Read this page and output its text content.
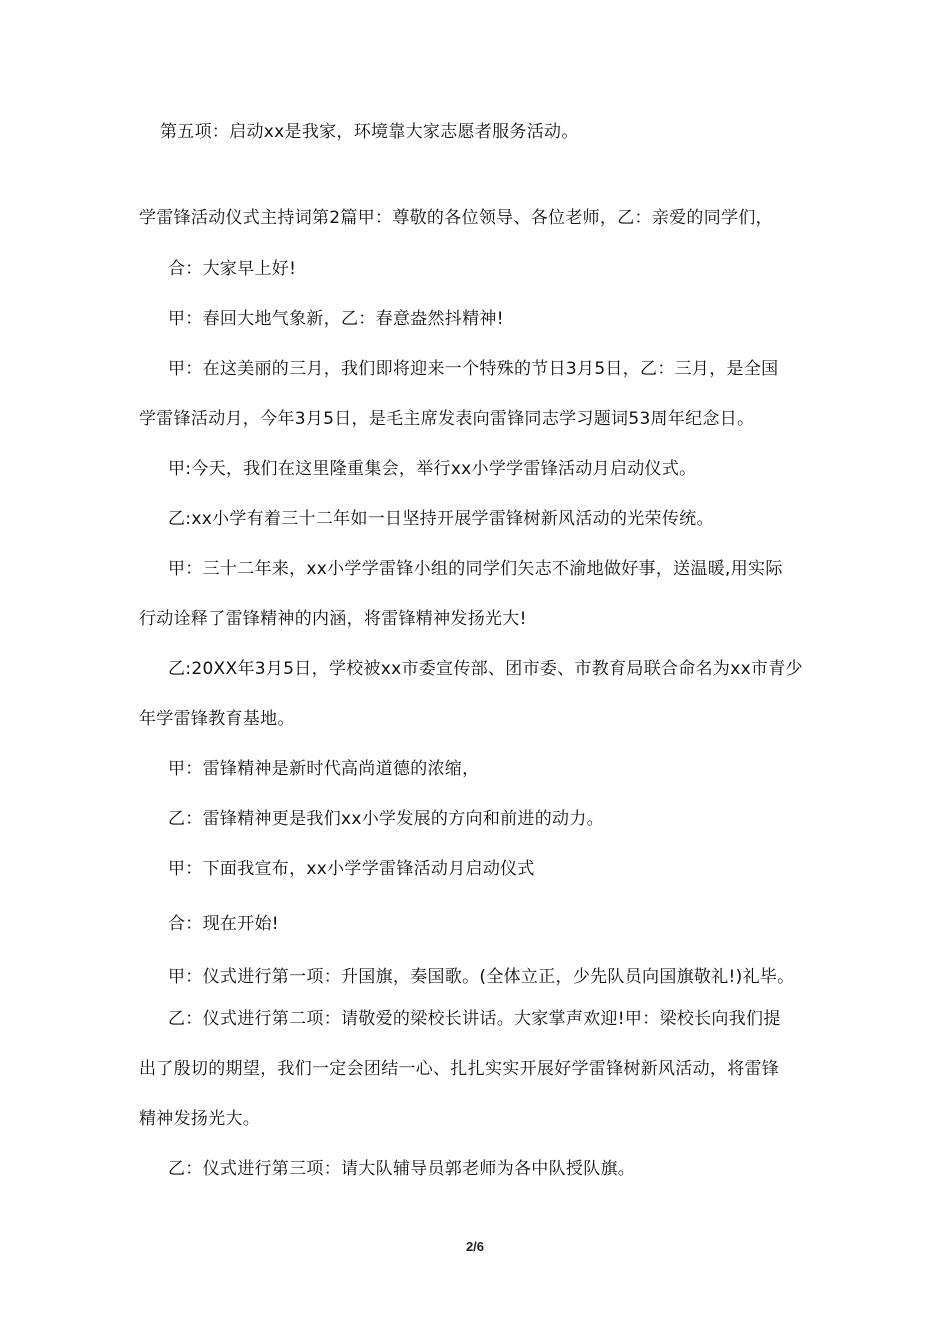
第五项：启动xx是我家，环境靠大家志愿者服务活动。
学雷锋活动仪式主持词第2篇甲：尊敬的各位领导、各位老师，乙：亲爱的同学们，
合：大家早上好!
甲：春回大地气象新，乙：春意盎然抖精神!
甲：在这美丽的三月，我们即将迎来一个特殊的节日3月5日，乙：三月，是全国
学雷锋活动月，今年3月5日，是毛主席发表向雷锋同志学习题词53周年纪念日。
甲:今天，我们在这里隆重集会，举行xx小学学雷锋活动月启动仪式。
乙:xx小学有着三十二年如一日坚持开展学雷锋树新风活动的光荣传统。
甲：三十二年来，xx小学学雷锋小组的同学们矢志不渝地做好事，送温暖,用实际
行动诠释了雷锋精神的内涵，将雷锋精神发扬光大!
乙:20XX年3月5日，学校被xx市委宣传部、团市委、市教育局联合命名为xx市青少
年学雷锋教育基地。
甲：雷锋精神是新时代高尚道德的浓缩，
乙：雷锋精神更是我们xx小学发展的方向和前进的动力。
甲：下面我宣布，xx小学学雷锋活动月启动仪式
合：现在开始!
甲：仪式进行第一项：升国旗，奏国歌。(全体立正，少先队员向国旗敬礼!)礼毕。
乙：仪式进行第二项：请敬爱的梁校长讲话。大家掌声欢迎!甲：梁校长向我们提
出了殷切的期望，我们一定会团结一心、扎扎实实开展好学雷锋树新风活动，将雷锋
精神发扬光大。
乙：仪式进行第三项：请大队辅导员郭老师为各中队授队旗。
2/6
